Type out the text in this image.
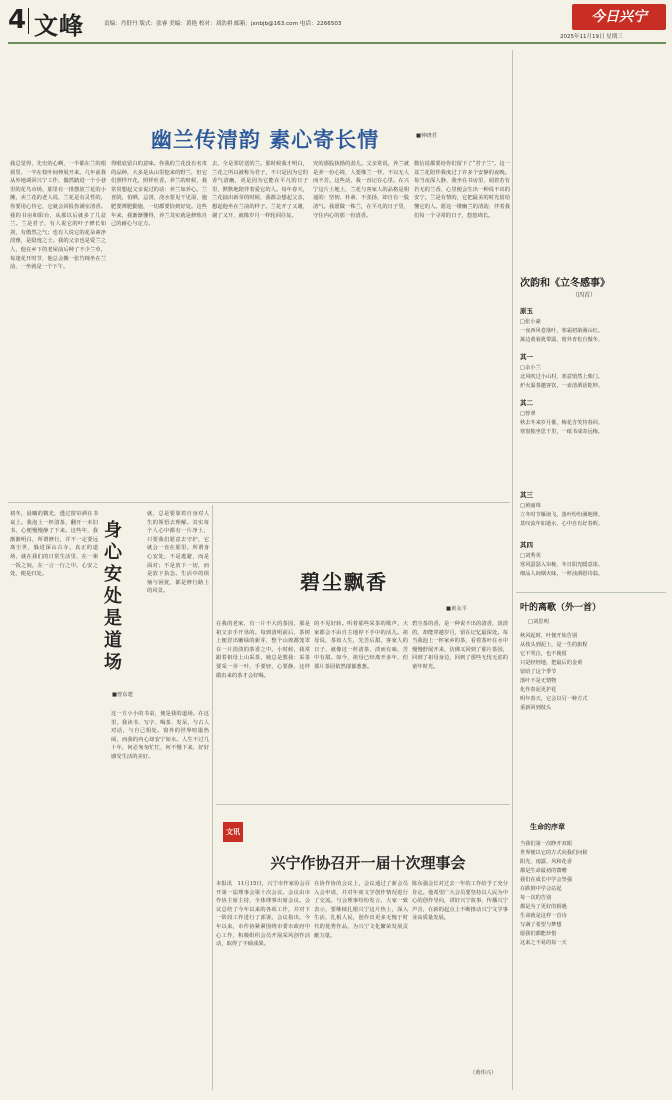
4 文峰	责编：肖舒丹 版式：张睿 美编：黄艳 校对：刘浩祺 邮箱：jxnbjb@163.com 电话：2266503	今日兴宁
2025年11月19日 星期三
幽兰传清韵 素心寄长情	■钟晓君
我总觉得，先史的心啊，一半都在兰的根须里，一半在枝叶间伸展开来。几年前我从外地调回兴宁工作，偶然踏进一个小巷里的花鸟市场，那里有一排摆放兰花的小摊，卖兰花的老人说，兰花是有灵性的，你要用心待它，它就会回报你满室清香。我的书房和阳台，从那以后就多了几盆兰。兰是君子，有人说它的叶子修长如剑，有傲然之气；也有人说它的花朵素净淡雅，是隐逸之士。我的父亲也是爱兰之人，他在乡下的老屋前后种了不少兰草，每逢花开时节，他总会搬一张竹椅坐在兰前，一坐就是一个下午。
得眼底留白的意味。你我的兰花没有名贵的品种，大多是从山里挖来的野兰，但它们照样开花，照样吐香。养兰的时候，我常常想起父亲说过的话：养兰如养心。兰喜阴，怕晒，忌涝，浇水要见干见湿，施肥要薄肥勤施，一切都要恰到好处。这些年来，我渐渐懂得，养兰其实就是修炼自己的耐心与定力。
去，全是邻居送的兰。那时候我才明白，兰花之所以被称为君子，不只是因为它的香气清幽，更是因为它能在平凡的日子里，默默地陪伴着爱它的人。每年春天，兰花抽出新芽的时候，我都会想起父亲，想起他坐在兰前的样子。兰花开了又谢，谢了又开，就像岁月一样轮回往复。
究的那股执拗的劲儿。父亲常说，养兰就是养一份心境，人要像兰一样，不以无人而不芳。这些话，我一直记在心里。在兴宁这片土地上，兰花与客家人的品格是相通的：坚韧、朴素、不张扬，却自有一股清气。我愿做一株兰，在平凡的日子里，守住内心的那一份清香。
微信说都要给你们留下了“君子兰”。这一盆兰花陪伴我度过了许多个安静的夜晚。每当夜深人静，我坐在书房里，闻着若有若无的兰香，心里便会生出一种说不出的安宁。兰是有情的，它把最美的时光留给懂它的人。愿这一缕幽兰的清韵，伴着我们每一个寻常的日子，悠悠绵长。
身心安处是道场
■曾东建
初冬，晨曦的微光，透过窗帘洒在书桌上。我泡上一杯清茶，翻开一本旧书，心便慢慢静了下来。这些年，我渐渐明白，所谓修行，并不一定要远离尘世，躲进深山古寺。真正的道场，就在我们的日常生活里，在一粥一饭之间，在一言一行之中。心安之处，便是归处。
就，总是要靠着自身对人生的领悟去理解。其实每个人心中都有一片净土，只要我们愿意去守护，它就会一直在那里。所谓身心安处，不是逃避，而是面对；不是放下一切，而是放下执念。生活中的烦恼与困扰，都是修行路上的风景。
这一方小小的书桌，便是我的道场。在这里，我读书、写字、喝茶、发呆，与古人对话，与自己相处。窗外的世界喧嚣热闹，而我的内心却安宁如水。人生不过几十年，何必匆匆忙忙，何不慢下来，好好感受生活的美好。
碧尘飘香
■黄永平
在我的老家，有一片不大的茶园，那是祖父亲手开垦的。每到清明前后，茶树上便冒出嫩绿的新芽，整个山坡都笼罩在一片淡淡的茶香之中。小时候，我常跟着祖母上山采茶，她总是教我：采茶要采一芽一叶，手要轻，心要静，这样做出来的茶才会好喝。
的不见好转。听着那些采茶的歌声，大家都会不由自主地停下手中的活儿。祖母说，茶如人生，先苦后甜。客家人的日子，就像这一杯清茶，淡而有味，苦中有甜。如今，祖母已经离开多年，但那片茶园依然郁郁葱葱。
碧尘茶的香，是一种说不出的清香，淡淡的，却能穿越岁月，留在记忆最深处。每当我泡上一杯家乡的茶，看着茶叶在水中慢慢舒展开来，仿佛又回到了那片茶园，回到了祖母身边，回到了那些无忧无虑的童年时光。
文讯
兴宁作协召开一届十次理事会
本报讯　11月15日，兴宁市作家协会召开第一届理事会第十次会议。会议由市作协主席主持，全体理事出席会议。会议总结了今年以来的各项工作，并对下一阶段工作进行了部署。会议指出，今年以来，市作协紧紧围绕市委市政府中心工作，积极组织会员开展采风创作活动，取得了丰硕成果。
在协作协的会议上，会议通过了新会员入会申请，并对年度文学创作情况进行了交流。与会理事纷纷发言，大家一致表示，要继续扎根兴宁这片热土，深入生活，扎根人民，创作出更多无愧于时代的优秀作品，为兴宁文化繁荣发展贡献力量。
陈东强会长对过去一年的工作给予了充分肯定。他希望广大会员要坚持以人民为中心的创作导向，讲好兴宁故事，传播兴宁声音，在新的起点上不断推动兴宁文学事业高质量发展。
（黄伟兴）
次韵和《立冬感事》
（四首）
原玉
□张小豪
一夜西风卷落叶，寒霜初染满山红。
篱边黄菊犹带露，窗外青松自傲冬。
其一
□余小兰
北风吹过小山村，寒意悄然上柴门。
炉火温茶邀客饮，一壶清酒话乾坤。
其二
□曾翠
秋去冬来岁月催，梅花含笑待春回。
寒窗独坐思千里，一纸书成寄远梅。
其三
□黄丽珠
立冬时节雁南飞，落叶纷纷满地堆。
莫叹流年如逝水，心中自有好春晖。
其四
□刘秀英
寒风瑟瑟入帘栊，冬日阳光暖意浓。
细品人间烟火味，一杯浊酒慰诗翁。
叶的离歌（外一首）
□刘思明
秋风起时，叶便开始告别
从枝头到泥土，是一生的旅程
它不哭泣，也不挽留
只是轻轻地，把最后的金黄
留给了这个季节
落叶不是无情物
化作春泥更护花
明年春天，它会以另一种方式
重新回到枝头
生命的序章
当我们第一次睁开双眼
世界便以它的方式向我们问候
阳光、雨露、风和花香
都是生命最初的馈赠
我们在成长中学会坚强
在跌倒中学会站起
每一次的告别
都是为了更好的相遇
生命就是这样一首诗
写满了希望与梦想
愿我们都能珍惜
这来之不易的每一天
